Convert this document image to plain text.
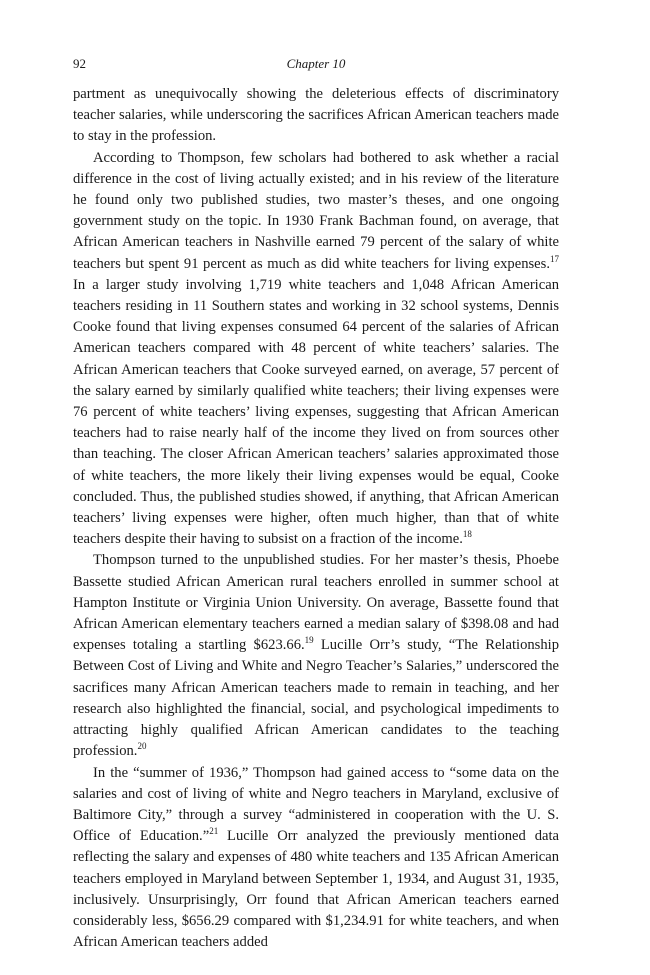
92	Chapter 10

partment as unequivocally showing the deleterious effects of discriminatory teacher salaries, while underscoring the sacrifices African American teachers made to stay in the profession.

According to Thompson, few scholars had bothered to ask whether a racial difference in the cost of living actually existed; and in his review of the literature he found only two published studies, two master’s theses, and one ongoing government study on the topic. In 1930 Frank Bachman found, on average, that African American teachers in Nashville earned 79 percent of the salary of white teachers but spent 91 percent as much as did white teachers for living expenses.$^{17}$ In a larger study involving 1,719 white teachers and 1,048 African American teachers residing in 11 Southern states and working in 32 school systems, Dennis Cooke found that living expenses consumed 64 percent of the salaries of African American teachers compared with 48 percent of white teachers’ salaries. The African American teachers that Cooke surveyed earned, on average, 57 percent of the salary earned by similarly qualified white teachers; their living expenses were 76 percent of white teachers’ living expenses, suggesting that African American teachers had to raise nearly half of the income they lived on from sources other than teaching. The closer African American teachers’ salaries approximated those of white teachers, the more likely their living expenses would be equal, Cooke concluded. Thus, the published studies showed, if anything, that African American teachers’ living expenses were higher, often much higher, than that of white teachers despite their having to subsist on a fraction of the income.$^{18}$

Thompson turned to the unpublished studies. For her master’s thesis, Phoebe Bassette studied African American rural teachers enrolled in summer school at Hampton Institute or Virginia Union University. On average, Bassette found that African American elementary teachers earned a median salary of $398.08 and had expenses totaling a startling $623.66.19 Lucille Orr’s study, “The Relationship Between Cost of Living and White and Negro Teacher’s Salaries,” underscored the sacrifices many African American teachers made to remain in teaching, and her research also highlighted the financial, social, and psychological impediments to attracting highly qualified African American candidates to the teaching profession.$^{20}$

In the “summer of 1936,” Thompson had gained access to “some data on the salaries and cost of living of white and Negro teachers in Maryland, exclusive of Baltimore City,” through a survey “administered in cooperation with the U. S. Office of Education.”$^{21}$ Lucille Orr analyzed the previously mentioned data reflecting the salary and expenses of 480 white teachers and 135 African American teachers employed in Maryland between September 1, 1934, and August 31, 1935, inclusively. Unsurprisingly, Orr found that African American teachers earned considerably less, $656.29 compared with $1,234.91 for white teachers, and when African American teachers added
